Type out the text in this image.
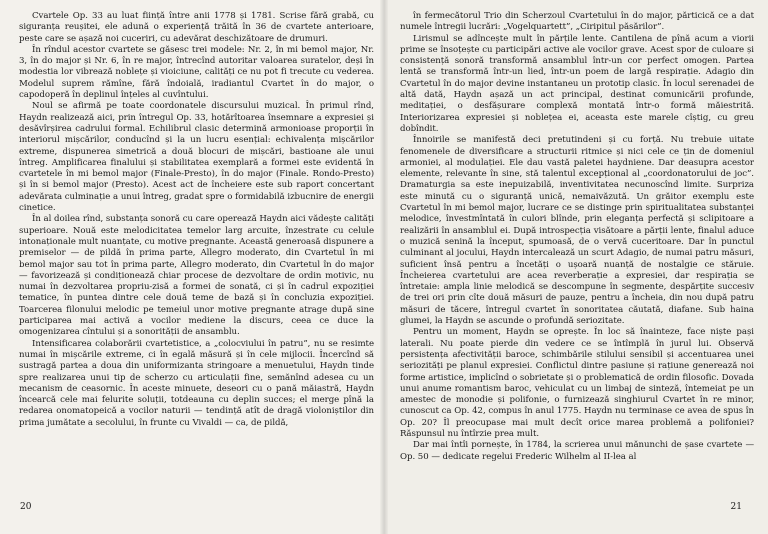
Cvartele Op. 33 au luat ființă între anii 1778 și 1781. Scrise fără grabă, cu siguranța reușitei, ele adună o experiență trăită în 36 de cvartete anterioare, peste care se așază noi cuceriri, cu adevărat deschizătoare de drumuri.

În rîndul acestor cvartete se găsesc trei modele: Nr. 2, în mi bemol major, Nr. 3, în do major și Nr. 6, în re major, întrecînd autoritar valoarea suratelor, deși în modestia lor vibrează noblețe și vioiciune, calități ce nu pot fi trecute cu vederea. Modelul suprem rămîne, fără îndoială, iradiantul Cvartet în do major, o capodoperă în deplinul înțeles al cuvîntului.

Noul se afirmă pe toate coordonatele discursului muzical. În primul rînd, Haydn realizează aici, prin întregul Op. 33, hotărîtoarea însemnare a expresiei și desăvîrșirea cadrului formal. Echilibrul clasic determină armonioase proporții în interiorul mișcărilor, conducînd și la un lucru esențial: echivalența mișcărilor extreme, dispunerea simetrică a două blocuri de mișcări, bastioane ale unui întreg. Amplificarea finalului și stabilitatea exemplară a formei este evidentă în cvartetele în mi bemol major (Finale-Presto), în do major (Finale. Rondo-Presto) și în si bemol major (Presto). Acest act de încheiere este sub raport concertant adevărata culminație a unui întreg, gradat spre o formidabilă izbucnire de energii cinetice.

În al doilea rînd, substanța sonoră cu care operează Haydn aici vădește calități superioare. Nouă este melodicitatea temelor larg arcuite, înzestrate cu celule intonaționale mult nuanțate, cu motive pregnante. Această generoasă dispunere a premiselor — de pildă în prima parte, Allegro moderato, din Cvartetul în mi bemol major sau tot în prima parte, Allegro moderato, din Cvartetul în do major — favorizează și condiționează chiar procese de dezvoltare de ordin motivic, nu numai în dezvoltarea propriu-zisă a formei de sonată, ci și în cadrul expoziției tematice, în puntea dintre cele două teme de bază și în concluzia expoziției. Toarcerea filonului melodic pe temeiul unor motive pregnante atrage după sine participarea mai activă a vocilor mediene la discurs, ceea ce duce la omogenizarea cîntului și a sonorității de ansamblu.

Intensificarea colaborării cvartetistice, a „colocviului în patru”, nu se resimte numai în mișcările extreme, ci în egală măsură și în cele mijlocii. Încercînd să sustragă partea a doua din uniformizanta stringoare a menuetului, Haydn tinde spre realizarea unui tip de scherzo cu articulații fine, semănînd adesea cu un mecanism de ceasornic. În aceste minuete, deseori cu o pană măiastră, Haydn încearcă cele mai felurite soluții, totdeauna cu deplin succes; el merge pînă la redarea onomatopeică a vocilor naturii — tendință atît de dragă violoniștilor din prima jumătate a secolului, în frunte cu Vivaldi — ca, de pildă,

20

în fermecătorul Trio din Scherzoul Cvartetului în do major, părticică ce a dat numele întregii lucrări: „Vogelquartett”, „Ciripitul păsărilor”.

Lirismul se adîncește mult în părțile lente. Cantilena de pînă acum a viorii prime se însoțește cu participări active ale vocilor grave. Acest spor de culoare și consistență sonoră transformă ansamblul într-un cor perfect omogen. Partea lentă se transformă într-un lied, într-un poem de largă respirație. Adagio din Cvartetul în do major devine instantaneu un prototip clasic. În locul serenadei de altă dată, Haydn așază un act principal, destinat comunicării profunde, meditației, o desfășurare complexă montată într-o formă măiestrită. Interiorizarea expresiei și noblețea ei, aceasta este marele cîștig, cu greu dobîndit.

Înnoirile se manifestă deci pretutindeni și cu forță. Nu trebuie uitate fenomenele de diversificare a structurii ritmice și nici cele ce țin de domeniul armoniei, al modulației. Ele dau vastă paletei haydniene. Dar deasupra acestor elemente, relevante în sine, stă talentul excepțional al „coordonatorului de joc”. Dramaturgia sa este inepuizabilă, inventivitatea necunoscînd limite. Surpriza este minută cu o siguranță unică, nemaivăzută. Un grăitor exemplu este Cvartetul în mi bemol major, lucrare ce se distinge prin spiritualitatea substanței melodice, învestmîntată în culori blînde, prin eleganța perfectă și sclipitoare a realizării în ansamblul ei. După introspecția visătoare a părții lente, finalul aduce o muzică senină la început, spumoasă, de o vervă cuceritoare. Dar în punctul culminant al jocului, Haydn intercalează un scurt Adagio, de numai patru măsuri, suficient însă pentru a încetăți o ușoară nuanță de nostalgie ce stăruie. Încheierea cvartetului are acea reverberație a expresiei, dar respirația se întretaie: ampla linie melodică se descompune în segmente, despărțite succesiv de trei ori prin cîte două măsuri de pauze, pentru a încheia, din nou după patru măsuri de tăcere, întregul cvartet în sonoritatea căutată, diafane. Sub haina glumei, la Haydn se ascunde o profundă seriozitate.

Pentru un moment, Haydn se oprește. În loc să înainteze, face niște pași laterali. Nu poate pierde din vedere ce se întîmplă în jurul lui. Observă persistența afectivității baroce, schimbările stilului sensibil și accentuarea unei seriozități pe planul expresiei. Conflictul dintre pasiune și rațiune generează noi forme artistice, implicînd o sobrietate și o problematică de ordin filosofic. Dovada unui anume romantism baroc, vehiculat cu un limbaj de sinteză, întemeiat pe un amestec de monodie și polifonie, o furnizează singhiurul Cvartet în re minor, cunoscut ca Op. 42, compus în anul 1775. Haydn nu terminase ce avea de spus în Op. 20? Îl preocupase mai mult decît orice marea problemă a polifoniei? Răspunsul nu întîrzie prea mult.

Dar mai întîi pornește, în 1784, la scrierea unui mănunchi de șase cvartete — Op. 50 — dedicate regelui Frederic Wilhelm al II-lea al

21
